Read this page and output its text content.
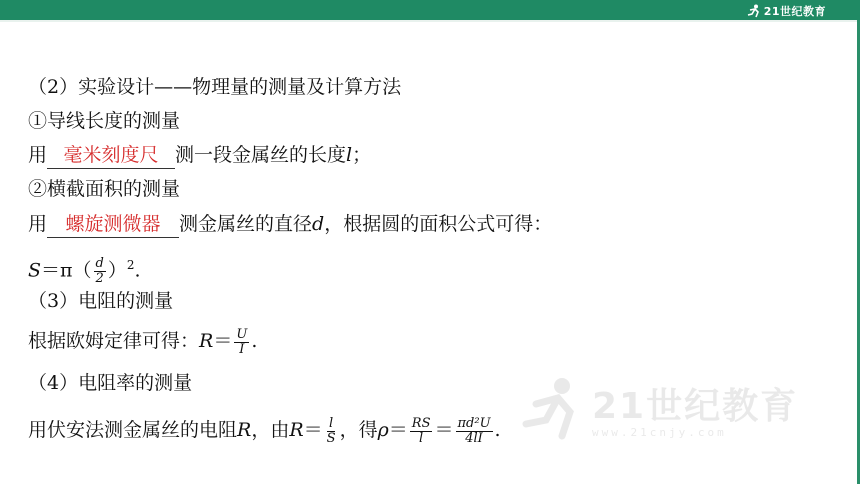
21世纪教育
（2）实验设计——物理量的测量及计算方法
①导线长度的测量
用 毫米刻度尺 测一段金属丝的长度l；
②横截面积的测量
用 螺旋测微器 测金属丝的直径d，根据圆的面积公式可得：
$S=\pi( \frac{d}{2} )^2$.
（3）电阻的测量
根据欧姆定律可得：$R= \frac{U}{I}$ .
（4）电阻率的测量
用伏安法测金属丝的电阻R，由$R= \frac{l}{S}$ ，得$\rho= \frac{RS}{l} = \frac{\text{πd²U}}{4lI}$ .
21世纪教育
www.21cnjy.com
